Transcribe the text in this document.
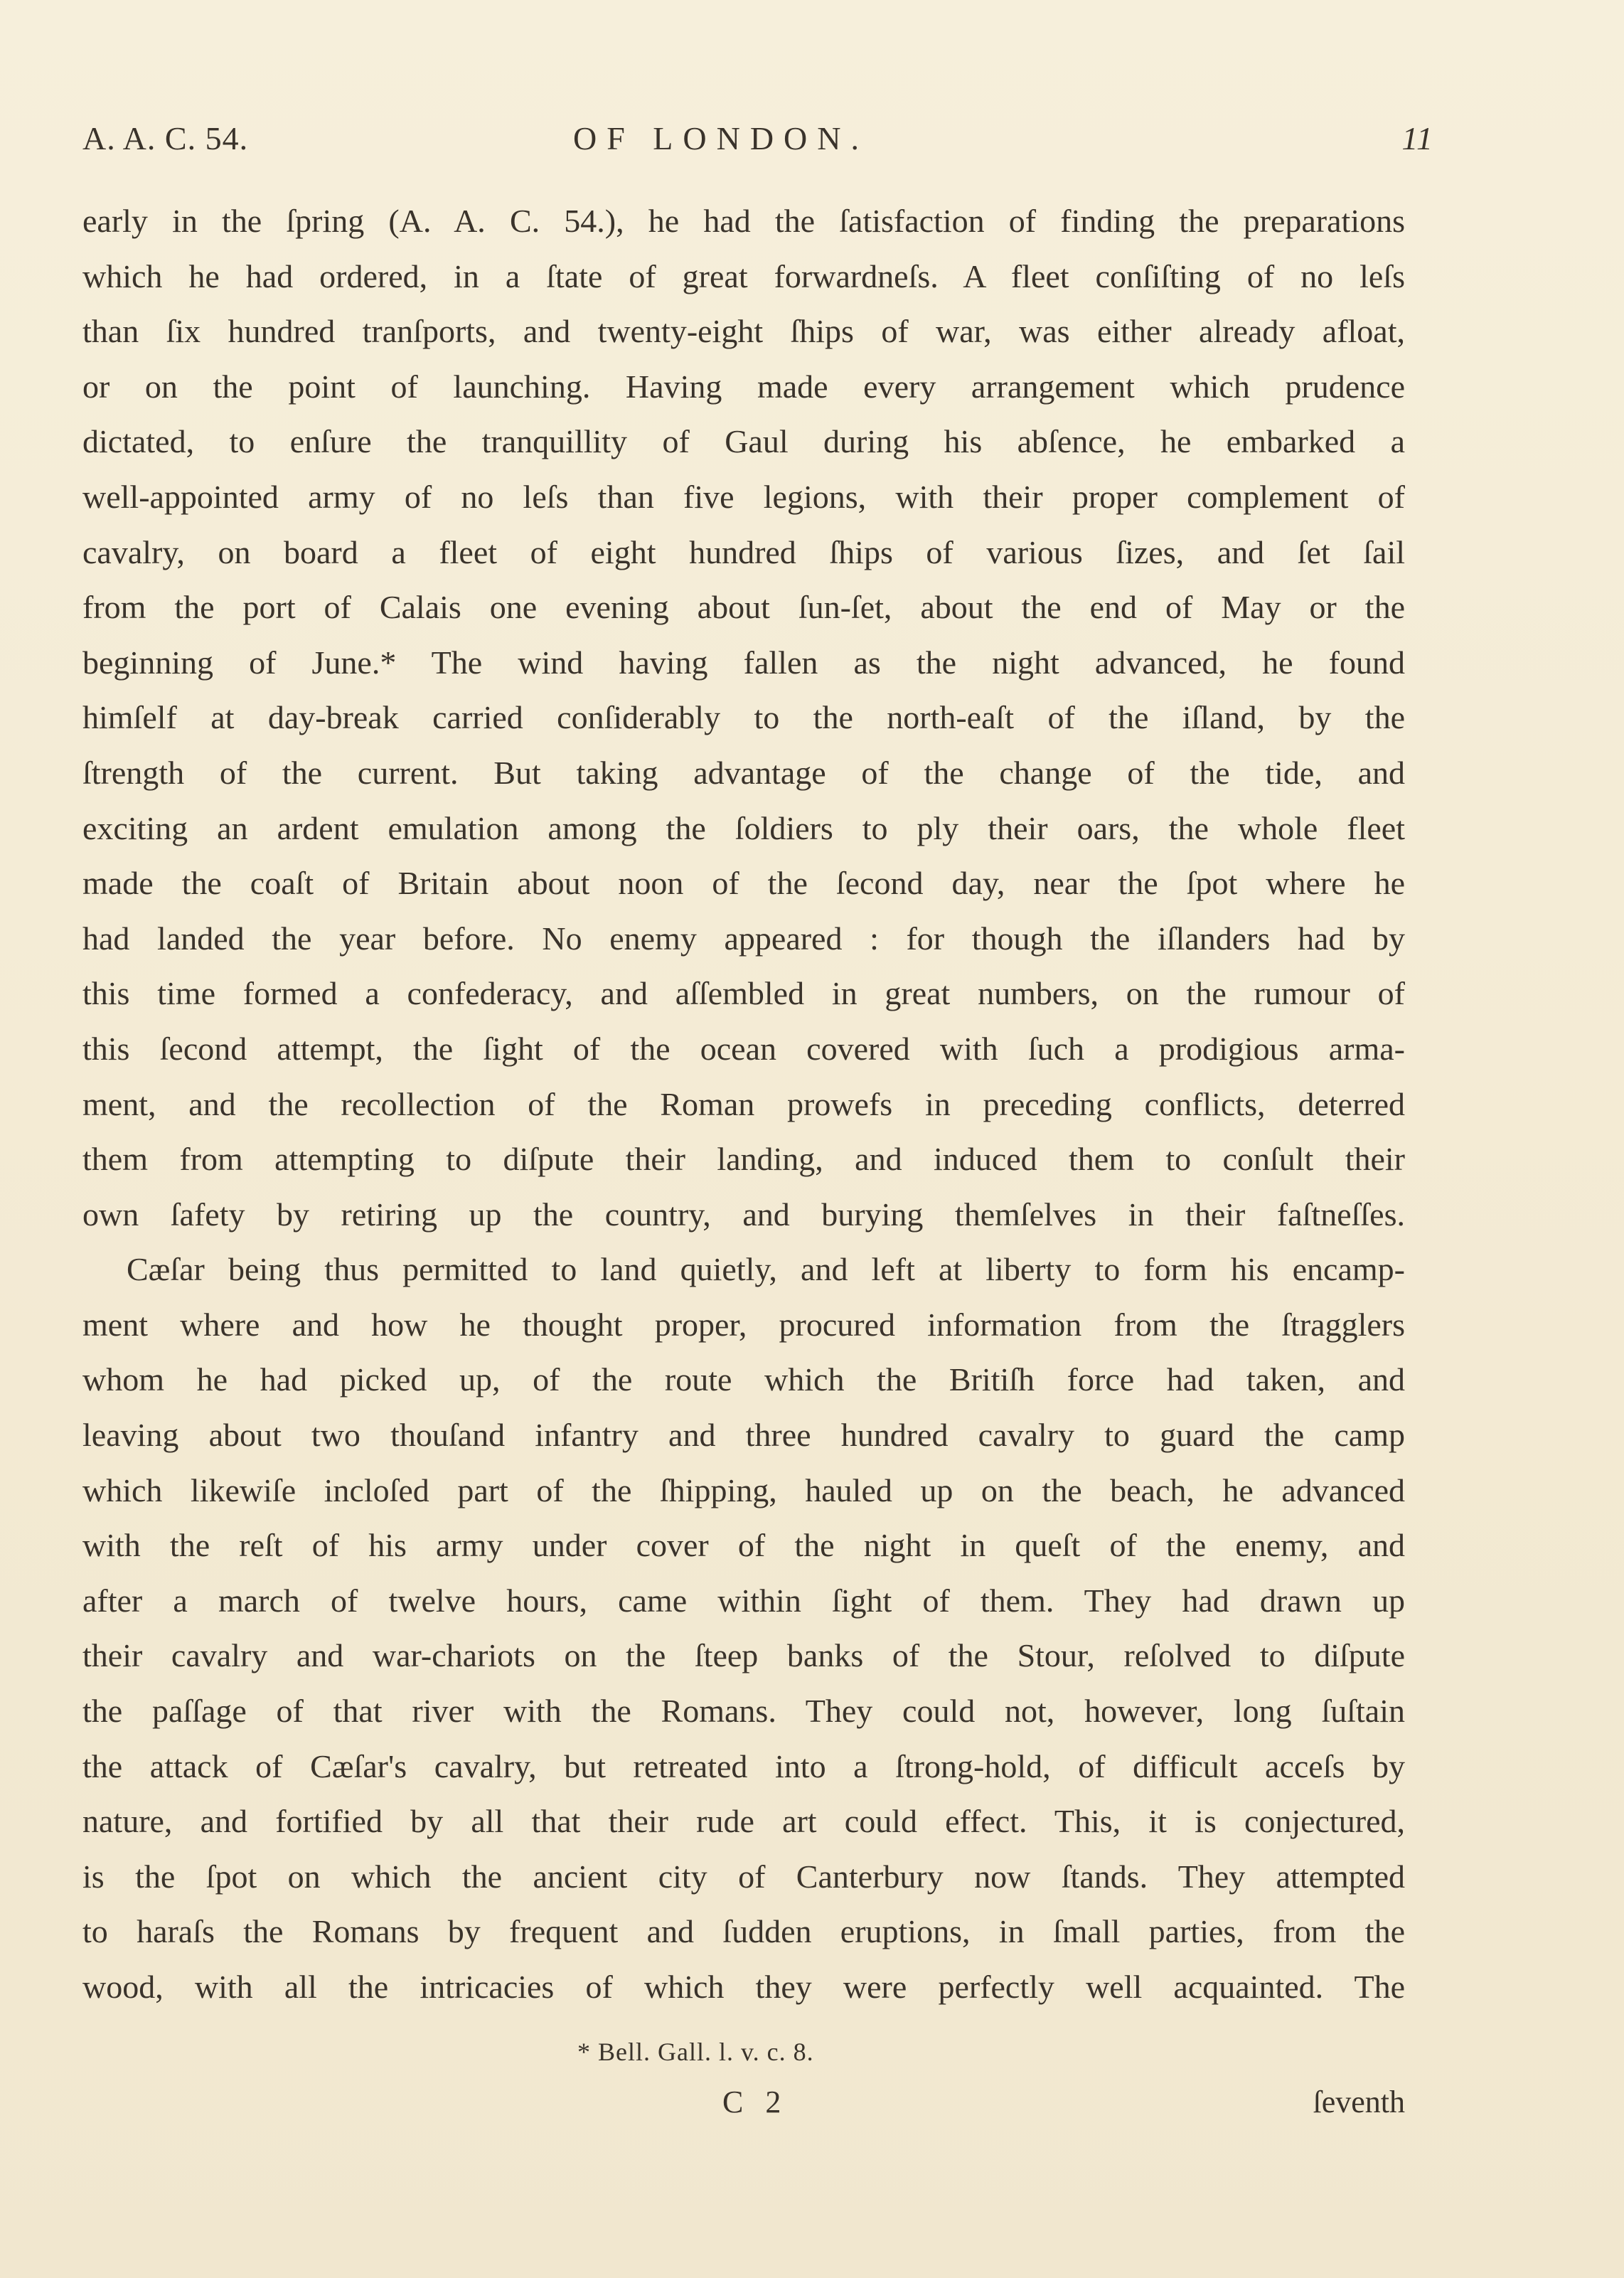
A. A. C. 54.	OF LONDON.	11
early in the ſpring (A. A. C. 54.), he had the ſatisfaction of finding the preparations
which he had ordered, in a ſtate of great forwardneſs. A fleet conſiſting of no leſs
than ſix hundred tranſports, and twenty-eight ſhips of war, was either already afloat,
or on the point of launching. Having made every arrangement which prudence
dictated, to enſure the tranquillity of Gaul during his abſence, he embarked a
well-appointed army of no leſs than five legions, with their proper complement of
cavalry, on board a fleet of eight hundred ſhips of various ſizes, and ſet ſail
from the port of Calais one evening about ſun-ſet, about the end of May or the
beginning of June.* The wind having fallen as the night advanced, he found
himſelf at day-break carried conſiderably to the north-eaſt of the iſland, by the
ſtrength of the current. But taking advantage of the change of the tide, and
exciting an ardent emulation among the ſoldiers to ply their oars, the whole fleet
made the coaſt of Britain about noon of the ſecond day, near the ſpot where he
had landed the year before. No enemy appeared : for though the iſlanders had by
this time formed a confederacy, and aſſembled in great numbers, on the rumour of
this ſecond attempt, the ſight of the ocean covered with ſuch a prodigious arma-
ment, and the recollection of the Roman prowefs in preceding conflicts, deterred
them from attempting to diſpute their landing, and induced them to conſult their
own ſafety by retiring up the country, and burying themſelves in their faſtneſſes.
Cæſar being thus permitted to land quietly, and left at liberty to form his encamp-
ment where and how he thought proper, procured information from the ſtragglers
whom he had picked up, of the route which the Britiſh force had taken, and
leaving about two thouſand infantry and three hundred cavalry to guard the camp
which likewiſe incloſed part of the ſhipping, hauled up on the beach, he advanced
with the reſt of his army under cover of the night in queſt of the enemy, and
after a march of twelve hours, came within ſight of them. They had drawn up
their cavalry and war-chariots on the ſteep banks of the Stour, reſolved to diſpute
the paſſage of that river with the Romans. They could not, however, long ſuſtain
the attack of Cæſar's cavalry, but retreated into a ſtrong-hold, of difficult acceſs by
nature, and fortified by all that their rude art could effect. This, it is conjectured,
is the ſpot on which the ancient city of Canterbury now ſtands. They attempted
to haraſs the Romans by frequent and ſudden eruptions, in ſmall parties, from the
wood, with all the intricacies of which they were perfectly well acquainted. The
* Bell. Gall. l. v. c. 8.
C 2	ſeventh
